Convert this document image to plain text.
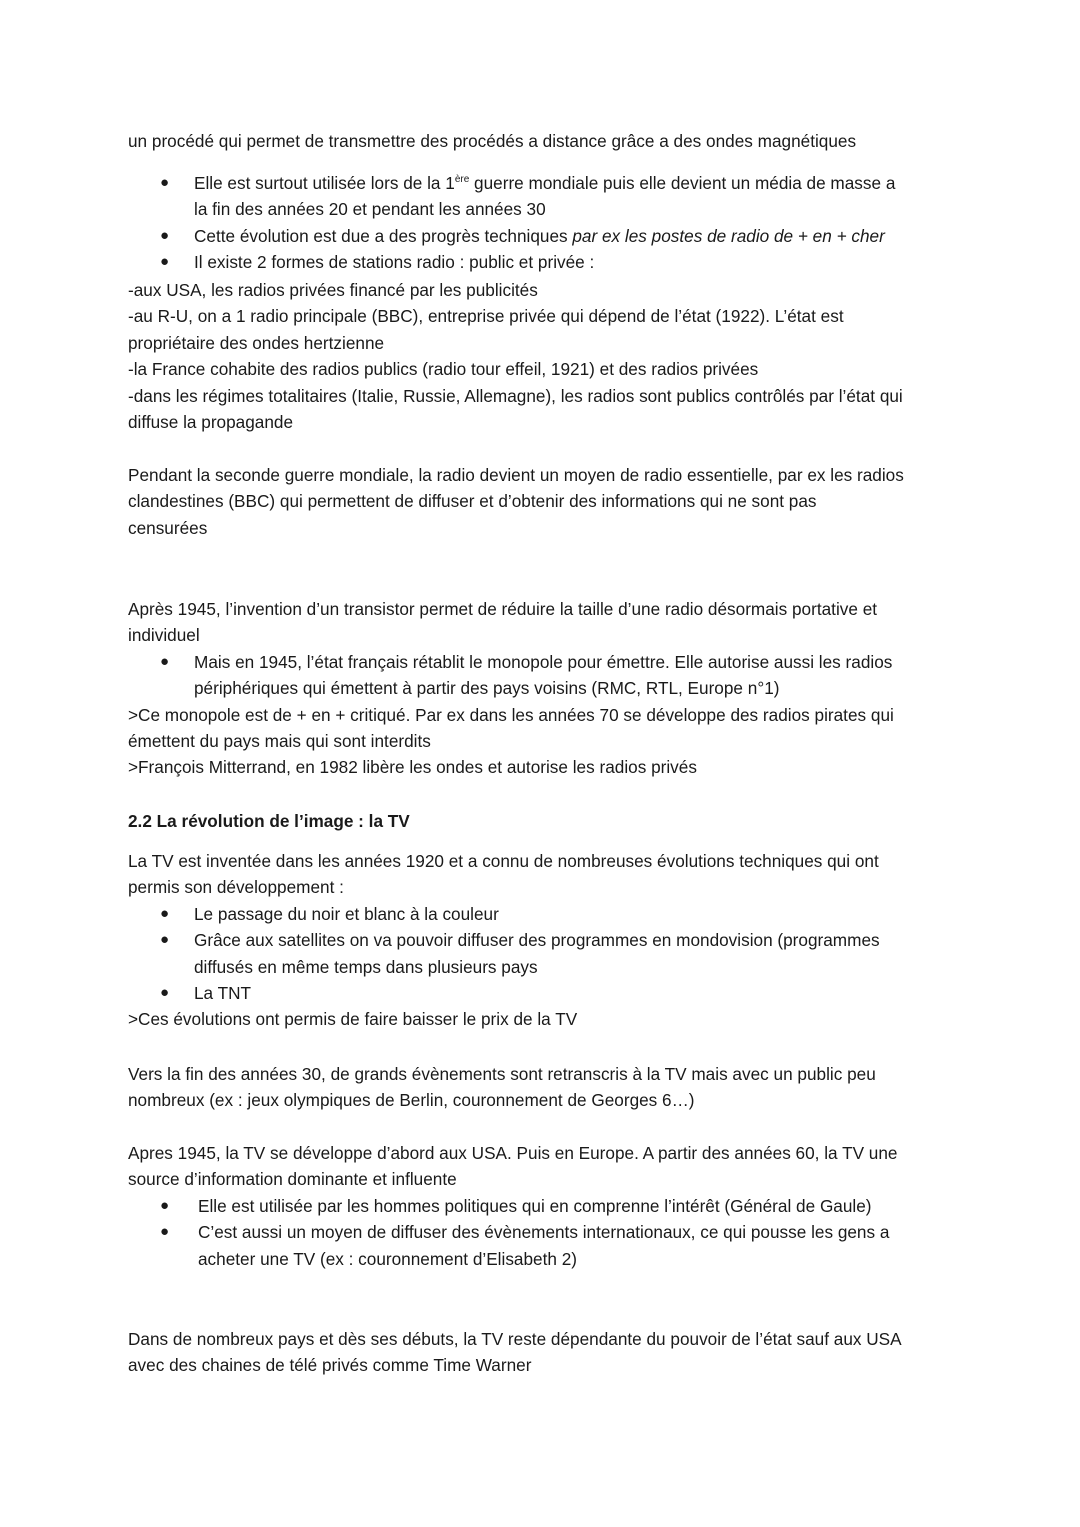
un procédé qui permet de transmettre des procédés a distance grâce a des ondes magnétiques

● Elle est surtout utilisée lors de la 1ère guerre mondiale puis elle devient un média de masse a
la fin des années 20 et pendant les années 30
● Cette évolution est due a des progrès techniques par ex les postes de radio de + en + cher
● Il existe 2 formes de stations radio : public et privée :

-aux USA, les radios privées financé par les publicités

-au R-U, on a 1 radio principale (BBC), entreprise privée qui dépend de l’état (1922). L’état est

propriétaire des ondes hertzienne

-la France cohabite des radios publics (radio tour effeil, 1921) et des radios privées

-dans les régimes totalitaires (Italie, Russie, Allemagne), les radios sont publics contrôlés par l’état qui

diffuse la propagande

Pendant la seconde guerre mondiale, la radio devient un moyen de radio essentielle, par ex les radios

clandestines (BBC) qui permettent de diffuser et d’obtenir des informations qui ne sont pas

censurées

Après 1945, l’invention d’un transistor permet de réduire la taille d’une radio désormais portative et

individuel

● Mais en 1945, l’état français rétablit le monopole pour émettre. Elle autorise aussi les radios
périphériques qui émettent à partir des pays voisins (RMC, RTL, Europe n°1)

>Ce monopole est de + en + critiqué. Par ex dans les années 70 se développe des radios pirates qui

émettent du pays mais qui sont interdits

>François Mitterrand, en 1982 libère les ondes et autorise les radios privés

2.2 La révolution de l’image : la TV

La TV est inventée dans les années 1920 et a connu de nombreuses évolutions techniques qui ont

permis son développement :

● Le passage du noir et blanc à la couleur
● Grâce aux satellites on va pouvoir diffuser des programmes en mondovision (programmes
diffusés en même temps dans plusieurs pays
● La TNT

>Ces évolutions ont permis de faire baisser le prix de la TV

Vers la fin des années 30, de grands évènements sont retranscris à la TV mais avec un public peu

nombreux (ex : jeux olympiques de Berlin, couronnement de Georges 6…)

Apres 1945, la TV se développe d’abord aux USA. Puis en Europe. A partir des années 60, la TV une

source d’information dominante et influente

● Elle est utilisée par les hommes politiques qui en comprenne l’intérêt (Général de Gaule)
● C’est aussi un moyen de diffuser des évènements internationaux, ce qui pousse les gens a
acheter une TV (ex : couronnement d’Elisabeth 2)

Dans de nombreux pays et dès ses débuts, la TV reste dépendante du pouvoir de l’état sauf aux USA

avec des chaines de télé privés comme Time Warner
